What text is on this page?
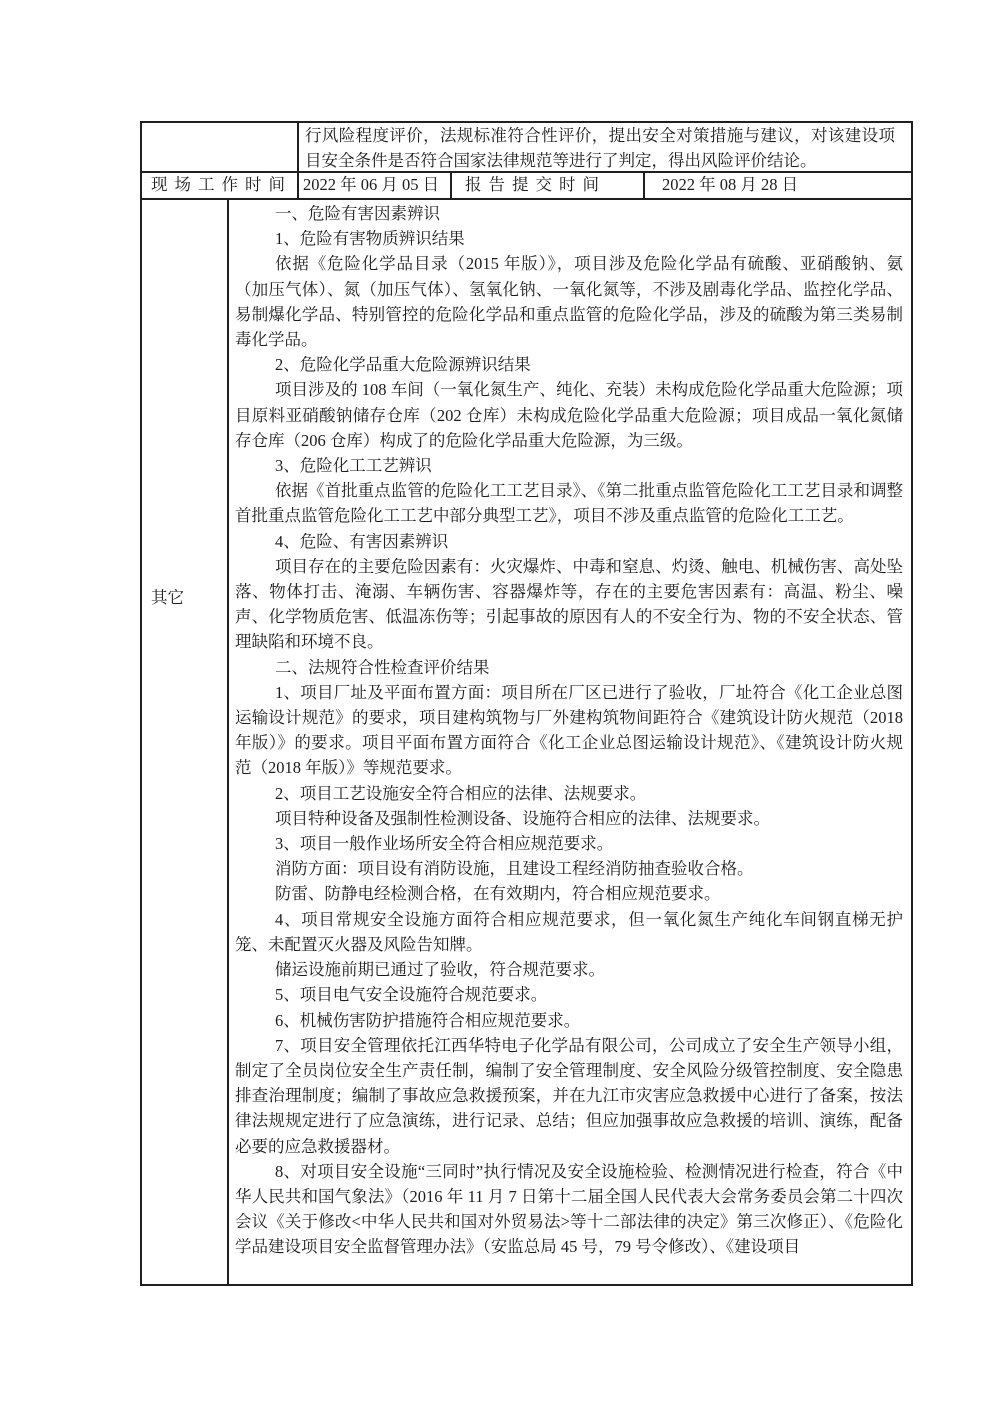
行风险程度评价，法规标准符合性评价，提出安全对策措施与建议，对该建设项目安全条件是否符合国家法律规范等进行了判定，得出风险评价结论。

现场工作时间 2022 年 06 月 05 日	报告提交时间	2022 年 08 月 28 日
其它

一、危险有害因素辨识

1、危险有害物质辨识结果

依据《危险化学品目录（2015 年版）》，项目涉及危险化学品有硫酸、亚硝酸钠、氨（加压气体）、氮（加压气体）、氢氧化钠、一氧化氮等，不涉及剧毒化学品、监控化学品、易制爆化学品、特别管控的危险化学品和重点监管的危险化学品，涉及的硫酸为第三类易制毒化学品。

2、危险化学品重大危险源辨识结果

项目涉及的 108 车间（一氧化氮生产、纯化、充装）未构成危险化学品重大危险源；项目原料亚硝酸钠储存仓库（202 仓库）未构成危险化学品重大危险源；项目成品一氧化氮储存仓库（206 仓库）构成了的危险化学品重大危险源，为三级。

3、危险化工工艺辨识

依据《首批重点监管的危险化工工艺目录》、《第二批重点监管危险化工工艺目录和调整首批重点监管危险化工工艺中部分典型工艺》，项目不涉及重点监管的危险化工工艺。

4、危险、有害因素辨识

项目存在的主要危险因素有：火灾爆炸、中毒和窒息、灼烫、触电、机械伤害、高处坠落、物体打击、淹溺、车辆伤害、容器爆炸等，存在的主要危害因素有：高温、粉尘、噪声、化学物质危害、低温冻伤等；引起事故的原因有人的不安全行为、物的不安全状态、管理缺陷和环境不良。

二、法规符合性检查评价结果

1、项目厂址及平面布置方面：项目所在厂区已进行了验收，厂址符合《化工企业总图运输设计规范》的要求，项目建构筑物与厂外建构筑物间距符合《建筑设计防火规范（2018 年版）》的要求。项目平面布置方面符合《化工企业总图运输设计规范》、《建筑设计防火规范（2018 年版）》等规范要求。

2、项目工艺设施安全符合相应的法律、法规要求。

项目特种设备及强制性检测设备、设施符合相应的法律、法规要求。

3、项目一般作业场所安全符合相应规范要求。

消防方面：项目设有消防设施，且建设工程经消防抽查验收合格。

防雷、防静电经检测合格，在有效期内，符合相应规范要求。

4、项目常规安全设施方面符合相应规范要求，但一氧化氮生产纯化车间钢直梯无护笼、未配置灭火器及风险告知牌。

储运设施前期已通过了验收，符合规范要求。

5、项目电气安全设施符合规范要求。

6、机械伤害防护措施符合相应规范要求。

7、项目安全管理依托江西华特电子化学品有限公司，公司成立了安全生产领导小组，制定了全员岗位安全生产责任制，编制了安全管理制度、安全风险分级管控制度、安全隐患排查治理制度；编制了事故应急救援预案，并在九江市灾害应急救援中心进行了备案，按法律法规规定进行了应急演练，进行记录、总结；但应加强事故应急救援的培训、演练，配备必要的应急救援器材。

8、对项目安全设施“三同时”执行情况及安全设施检验、检测情况进行检查，符合《中华人民共和国气象法》（2016 年 11 月 7 日第十二届全国人民代表大会常务委员会第二十四次会议《关于修改<中华人民共和国对外贸易法>等十二部法律的决定》第三次修正）、《危险化学品建设项目安全监督管理办法》（安监总局 45 号，79 号令修改）、《建设项目
